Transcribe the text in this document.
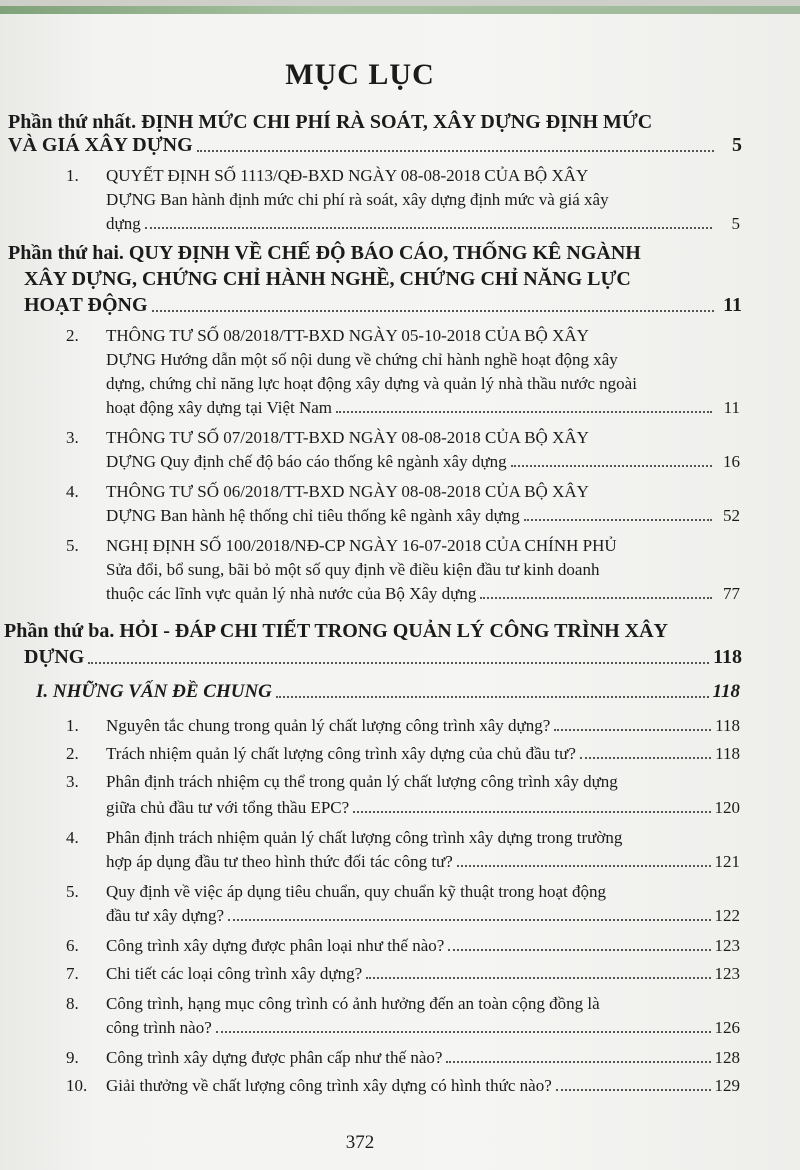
MỤC LỤC
Phần thứ nhất. ĐỊNH MỨC CHI PHÍ RÀ SOÁT, XÂY DỰNG ĐỊNH MỨC
VÀ GIÁ XÂY DỰNG	5
1. QUYẾT ĐỊNH SỐ 1113/QĐ-BXD NGÀY 08-08-2018 CỦA BỘ XÂY
DỰNG Ban hành định mức chi phí rà soát, xây dựng định mức và giá xây
dựng	5
Phần thứ hai. QUY ĐỊNH VỀ CHẾ ĐỘ BÁO CÁO, THỐNG KÊ NGÀNH
XÂY DỰNG, CHỨNG CHỈ HÀNH NGHỀ, CHỨNG CHỈ NĂNG LỰC
HOẠT ĐỘNG	11
2. THÔNG TƯ SỐ 08/2018/TT-BXD NGÀY 05-10-2018 CỦA BỘ XÂY
DỰNG Hướng dẫn một số nội dung về chứng chỉ hành nghề hoạt động xây
dựng, chứng chỉ năng lực hoạt động xây dựng và quản lý nhà thầu nước ngoài
hoạt động xây dựng tại Việt Nam	11
3. THÔNG TƯ SỐ 07/2018/TT-BXD NGÀY 08-08-2018 CỦA BỘ XÂY
DỰNG Quy định chế độ báo cáo thống kê ngành xây dựng	16
4. THÔNG TƯ SỐ 06/2018/TT-BXD NGÀY 08-08-2018 CỦA BỘ XÂY
DỰNG Ban hành hệ thống chỉ tiêu thống kê ngành xây dựng	52
5. NGHỊ ĐỊNH SỐ 100/2018/NĐ-CP NGÀY 16-07-2018 CỦA CHÍNH PHỦ
Sửa đổi, bổ sung, bãi bỏ một số quy định về điều kiện đầu tư kinh doanh
thuộc các lĩnh vực quản lý nhà nước của Bộ Xây dựng	77
Phần thứ ba. HỎI - ĐÁP CHI TIẾT TRONG QUẢN LÝ CÔNG TRÌNH XÂY
DỰNG	118
I. NHỮNG VẤN ĐỀ CHUNG	118
1.	Nguyên tắc chung trong quản lý chất lượng công trình xây dựng?	118
2.	Trách nhiệm quản lý chất lượng công trình xây dựng của chủ đầu tư?	118
3. Phân định trách nhiệm cụ thể trong quản lý chất lượng công trình xây dựng
giữa chủ đầu tư với tổng thầu EPC?	120
4. Phân định trách nhiệm quản lý chất lượng công trình xây dựng trong trường
hợp áp dụng đầu tư theo hình thức đối tác công tư?	121
5. Quy định về việc áp dụng tiêu chuẩn, quy chuẩn kỹ thuật trong hoạt động
đầu tư xây dựng?	122
6.	Công trình xây dựng được phân loại như thế nào?	123
7.	Chi tiết các loại công trình xây dựng?	123
8. Công trình, hạng mục công trình có ảnh hưởng đến an toàn cộng đồng là
công trình nào?	126
9.	Công trình xây dựng được phân cấp như thế nào?	128
10.	Giải thưởng về chất lượng công trình xây dựng có hình thức nào?	129
372
